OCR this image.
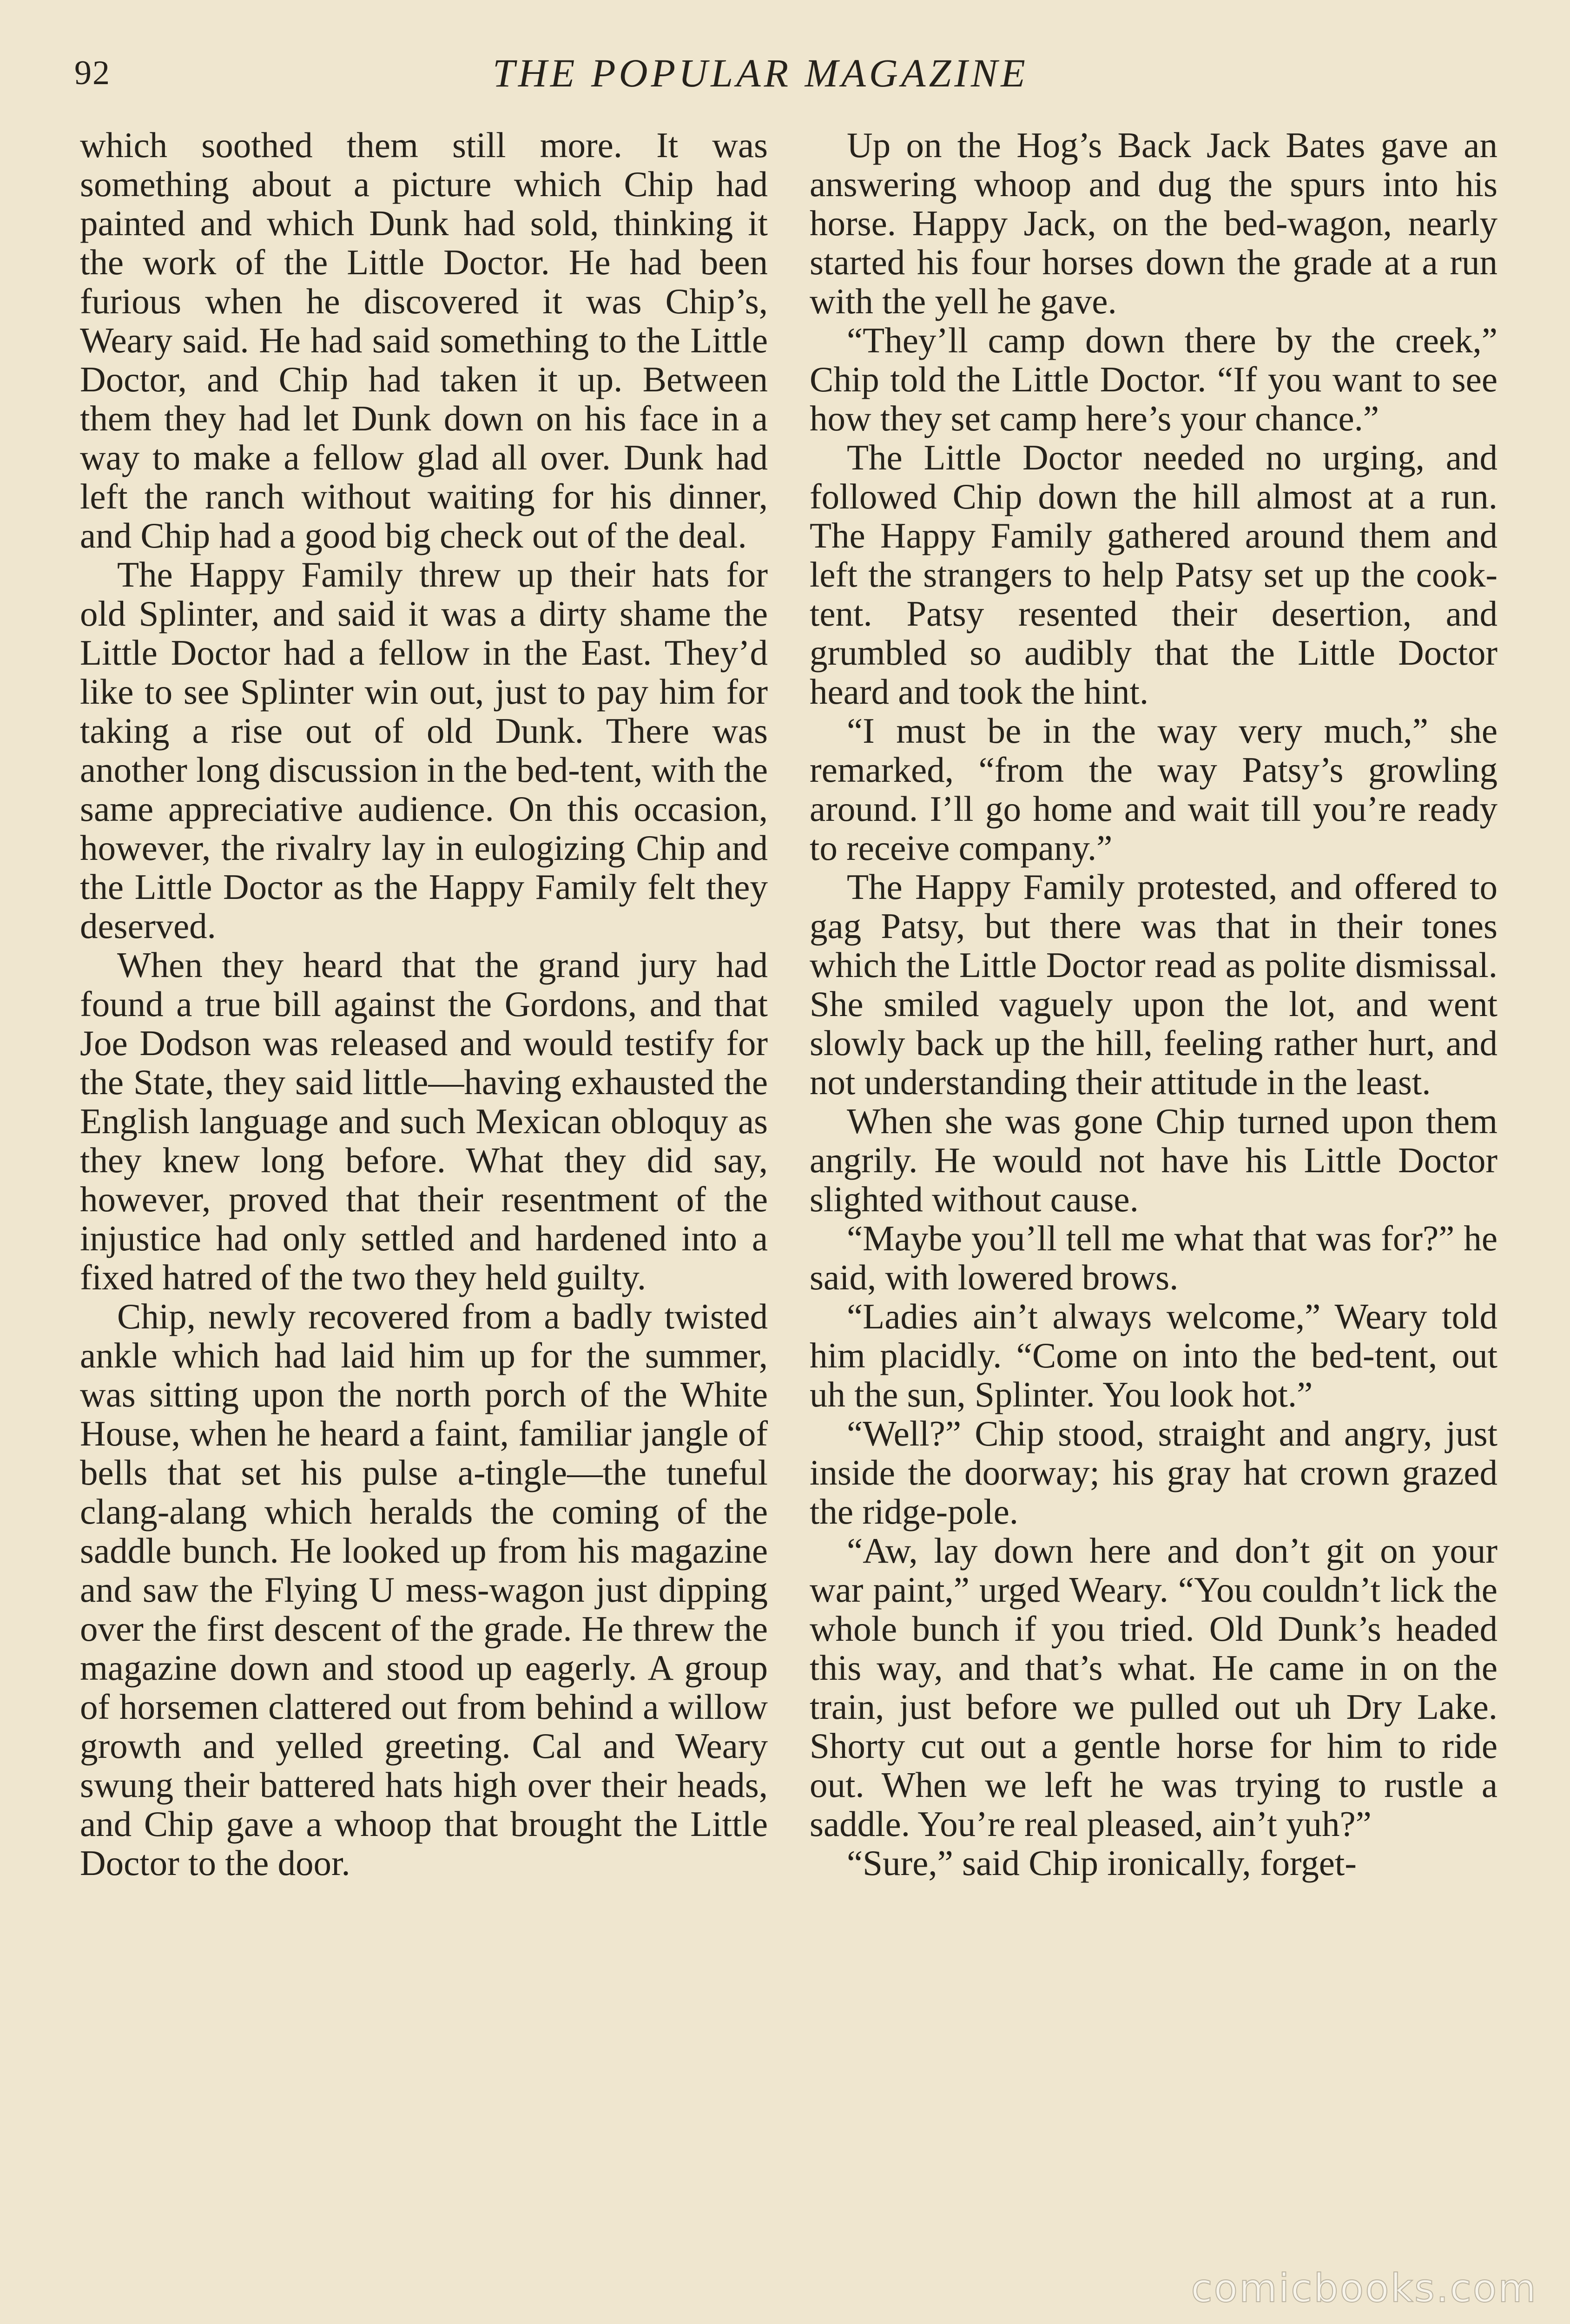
92	THE POPULAR MAGAZINE

which soothed them still more. It was something about a picture which Chip had painted and which Dunk had sold, thinking it the work of the Little Doctor. He had been furious when he discovered it was Chip’s, Weary said. He had said something to the Little Doctor, and Chip had taken it up. Between them they had let Dunk down on his face in a way to make a fellow glad all over. Dunk had left the ranch without waiting for his dinner, and Chip had a good big check out of the deal.

The Happy Family threw up their hats for old Splinter, and said it was a dirty shame the Little Doctor had a fellow in the East. They’d like to see Splinter win out, just to pay him for taking a rise out of old Dunk. There was another long discussion in the bed-tent, with the same appreciative audience. On this occasion, however, the rivalry lay in eulogizing Chip and the Little Doctor as the Happy Family felt they deserved.

When they heard that the grand jury had found a true bill against the Gordons, and that Joe Dodson was released and would testify for the State, they said little—having exhausted the English language and such Mexican obloquy as they knew long before. What they did say, however, proved that their resentment of the injustice had only settled and hardened into a fixed hatred of the two they held guilty.

Chip, newly recovered from a badly twisted ankle which had laid him up for the summer, was sitting upon the north porch of the White House, when he heard a faint, familiar jangle of bells that set his pulse a-tingle—the tuneful clang-alang which heralds the coming of the saddle bunch. He looked up from his magazine and saw the Flying U mess-wagon just dipping over the first descent of the grade. He threw the magazine down and stood up eagerly. A group of horsemen clattered out from behind a willow growth and yelled greeting. Cal and Weary swung their battered hats high over their heads, and Chip gave a whoop that brought the Little Doctor to the door.

Up on the Hog’s Back Jack Bates gave an answering whoop and dug the spurs into his horse. Happy Jack, on the bed-wagon, nearly started his four horses down the grade at a run with the yell he gave.

“They’ll camp down there by the creek,” Chip told the Little Doctor. “If you want to see how they set camp here’s your chance.”

The Little Doctor needed no urging, and followed Chip down the hill almost at a run. The Happy Family gathered around them and left the strangers to help Patsy set up the cook-tent. Patsy resented their desertion, and grumbled so audibly that the Little Doctor heard and took the hint.

“I must be in the way very much,” she remarked, “from the way Patsy’s growling around. I’ll go home and wait till you’re ready to receive company.”

The Happy Family protested, and offered to gag Patsy, but there was that in their tones which the Little Doctor read as polite dismissal. She smiled vaguely upon the lot, and went slowly back up the hill, feeling rather hurt, and not understanding their attitude in the least.

When she was gone Chip turned upon them angrily. He would not have his Little Doctor slighted without cause.

“Maybe you’ll tell me what that was for?” he said, with lowered brows.

“Ladies ain’t always welcome,” Weary told him placidly. “Come on into the bed-tent, out uh the sun, Splinter. You look hot.”

“Well?” Chip stood, straight and angry, just inside the doorway; his gray hat crown grazed the ridge-pole.

“Aw, lay down here and don’t git on your war paint,” urged Weary. “You couldn’t lick the whole bunch if you tried. Old Dunk’s headed this way, and that’s what. He came in on the train, just before we pulled out uh Dry Lake. Shorty cut out a gentle horse for him to ride out. When we left he was trying to rustle a saddle. You’re real pleased, ain’t yuh?”

“Sure,” said Chip ironically, forget-

comicbooks.com
